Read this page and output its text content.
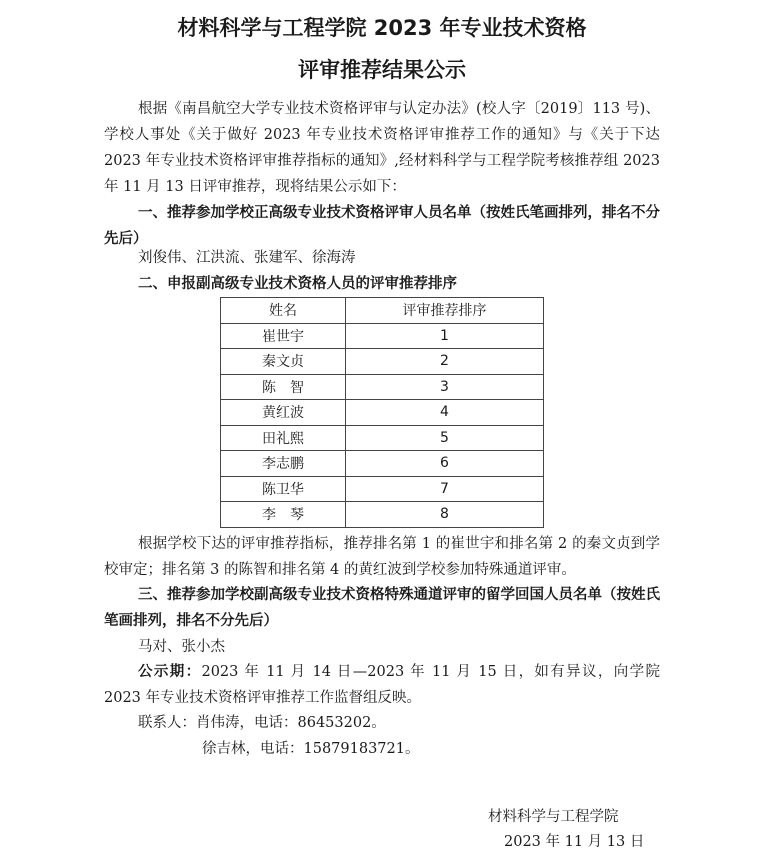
材料科学与工程学院 2023 年专业技术资格
评审推荐结果公示

根据《南昌航空大学专业技术资格评审与认定办法》(校人字〔2019〕113 号)、学校人事处《关于做好 2023 年专业技术资格评审推荐工作的通知》与《关于下达 2023 年专业技术资格评审推荐指标的通知》,经材料科学与工程学院考核推荐组 2023 年 11 月 13 日评审推荐，现将结果公示如下：

一、推荐参加学校正高级专业技术资格评审人员名单（按姓氏笔画排列，排名不分先后）

刘俊伟、江洪流、张建军、徐海涛

二、申报副高级专业技术资格人员的评审推荐排序

姓名	评审推荐排序
崔世宇	1
秦文贞	2
陈　智	3
黄红波	4
田礼熙	5
李志鹏	6
陈卫华	7
李　琴	8

根据学校下达的评审推荐指标，推荐排名第 1 的崔世宇和排名第 2 的秦文贞到学校审定；排名第 3 的陈智和排名第 4 的黄红波到学校参加特殊通道评审。

三、推荐参加学校副高级专业技术资格特殊通道评审的留学回国人员名单（按姓氏笔画排列，排名不分先后）

马对、张小杰

公示期：2023 年 11 月 14 日—2023 年 11 月 15 日，如有异议，向学院 2023 年专业技术资格评审推荐工作监督组反映。

联系人：肖伟涛，电话：86453202。

徐吉林，电话：15879183721。

材料科学与工程学院

2023 年 11 月 13 日
